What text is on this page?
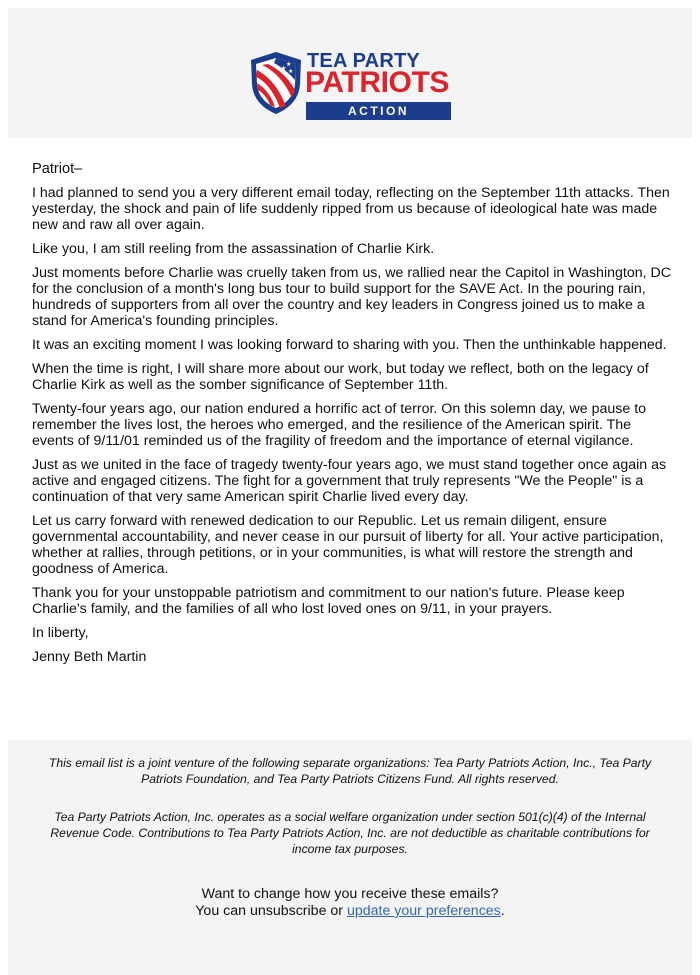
★ ★
★ TEA PARTY
PATRIOTS
ACTION

Patriot–

I had planned to send you a very different email today, reflecting on the September 11th attacks. Then yesterday, the shock and pain of life suddenly ripped from us because of ideological hate was made new and raw all over again.

Like you, I am still reeling from the assassination of Charlie Kirk.

Just moments before Charlie was cruelly taken from us, we rallied near the Capitol in Washington, DC for the conclusion of a month's long bus tour to build support for the SAVE Act. In the pouring rain, hundreds of supporters from all over the country and key leaders in Congress joined us to make a stand for America's founding principles.

It was an exciting moment I was looking forward to sharing with you. Then the unthinkable happened.

When the time is right, I will share more about our work, but today we reflect, both on the legacy of Charlie Kirk as well as the somber significance of September 11th.

Twenty-four years ago, our nation endured a horrific act of terror. On this solemn day, we pause to remember the lives lost, the heroes who emerged, and the resilience of the American spirit. The events of 9/11/01 reminded us of the fragility of freedom and the importance of eternal vigilance.

Just as we united in the face of tragedy twenty-four years ago, we must stand together once again as active and engaged citizens. The fight for a government that truly represents "We the People" is a continuation of that very same American spirit Charlie lived every day.

Let us carry forward with renewed dedication to our Republic. Let us remain diligent, ensure governmental accountability, and never cease in our pursuit of liberty for all. Your active participation, whether at rallies, through petitions, or in your communities, is what will restore the strength and goodness of America.

Thank you for your unstoppable patriotism and commitment to our nation's future. Please keep Charlie's family, and the families of all who lost loved ones on 9/11, in your prayers.

In liberty,

Jenny Beth Martin

This email list is a joint venture of the following separate organizations: Tea Party Patriots Action, Inc., Tea Party Patriots Foundation, and Tea Party Patriots Citizens Fund. All rights reserved.
Tea Party Patriots Action, Inc. operates as a social welfare organization under section 501(c)(4) of the Internal Revenue Code. Contributions to Tea Party Patriots Action, Inc. are not deductible as charitable contributions for income tax purposes.
Want to change how you receive these emails?
You can unsubscribe or update your preferences.
